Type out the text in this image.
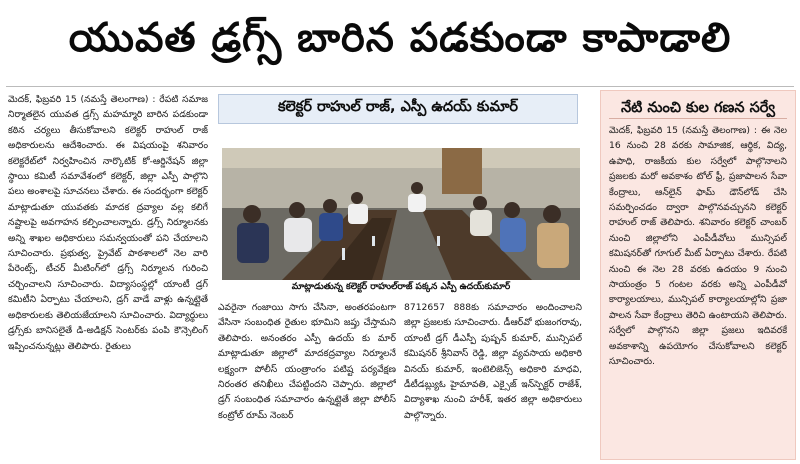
యువత డ్రగ్స్ బారిన పడకుండా కాపాడాలి

మెదక్, ఫిబ్రవరి 15 (నమస్తే తెలంగాణ) : రేపటి సమాజ నిర్మాతలైన యువత డ్రగ్స్ మహమ్మారి బారిన పడకుండా కఠిన చర్యలు తీసుకోవాలని కలెక్టర్ రాహుల్ రాజ్ అధికారులను ఆదేశించారు. ఈ విషయంపై శనివారం కలెక్టరేట్‌లో నిర్వహించిన నార్కొటిక్ కో-ఆర్డినేషన్ జిల్లా స్థాయి కమిటీ సమావేశంలో కలెక్టర్, జిల్లా ఎస్పీ పాల్గొని పలు అంశాలపై సూచనలు చేశారు. ఈ సందర్భంగా కలెక్టర్ మాట్లాడుతూ యువతకు మాదక ద్రవ్యాల వల్ల కలిగే నష్టాలపై అవగాహన కల్పించాలన్నారు. డ్రగ్స్ నిర్మూలనకు అన్ని శాఖల అధికారులు సమన్వయంతో పని చేయాలని సూచించారు. ప్రభుత్వ, ప్రైవేట్ పాఠశాలలో నెల వారి పేరెంట్స్, టీచర్ మీటింగ్‌లో డ్రగ్స్ నిర్మూలన గురించి చర్చించాలని సూచించారు. విద్యాసంస్థల్లో యాంటీ డ్రగ్ కమిటీని ఏర్పాటు చేయాలని, డ్రగ్ వాడే వాళ్లు ఉన్నట్లైతే అధికారులకు తెలియజేయాలని సూచించారు. విద్యార్థులు డ్రగ్స్‌కు బానిసలైతే డి-అడిక్షన్ సెంటర్‌కు పంపి కౌన్సెలింగ్ ఇప్పించనున్నట్లు తెలిపారు. రైతులు

కలెక్టర్ రాహుల్ రాజ్, ఎస్పీ ఉదయ్ కుమార్
మాట్లాడుతున్న కలెక్టర్ రాహుల్‌రాజ్ పక్కన ఎస్పీ ఉదయ్‌కుమార్

ఎవరైనా గంజాయి సాగు చేసినా, అంతరపంటగా వేసినా సంబంధిత రైతుల భూమిని జప్తు చేస్తామని తెలిపారు. అనంతరం ఎస్పీ ఉదయ్ కు మార్ మాట్లాడుతూ జిల్లాలో మాదకద్రవ్యాల నిర్మూలనే లక్ష్యంగా పోలీస్ యంత్రాంగం పటిష్ట పర్యవేక్షణ నిరంతర తనిఖీలు చేపట్టిందని చెప్పారు. జిల్లాలో డ్రగ్ సంబంధిత సమాచారం ఉన్నట్లైతే జిల్లా పోలీస్ కంట్రోల్ రూమ్ నెంబర్

8712657 888కు సమాచారం అందించాలని జిల్లా ప్రజలకు సూచించారు. డీఆర్‌వో భుజంగరావు, యాంటీ డ్రగ్ డీఎస్పీ పుష్పన్ కుమార్, మున్సిపల్ కమిషనర్ శ్రీనివాస్ రెడ్డి, జిల్లా వ్యవసాయ అధికారి వినయ్ కుమార్, ఇంటెలిజెన్స్ అధికారి మాధవి, డీటీడబ్ల్యుఓ హైమావతి, ఎక్సైజ్ ఇన్‌స్పెక్టర్ రాజేశ్, విద్యాశాఖ నుంచి హరీశ్, ఇతర జిల్లా అధికారులు పాల్గొన్నారు.

నేటి నుంచి కుల గణన సర్వే
మెదక్, ఫిబ్రవరి 15 (నమస్తే తెలంగాణ) : ఈ నెల 16 నుంచి 28 వరకు సామాజిక, ఆర్థిక, విద్య, ఉపాధి, రాజకీయ కుల సర్వేలో పాల్గొనాలని ప్రజలకు మరో అవకాశం టోల్ ఫ్రీ, ప్రజాపాలన సేవా కేంద్రాలు, ఆన్‌లైన్ ఫామ్ డౌన్‌లోడ్ చేసి సమర్పించడం ద్వారా పాల్గొనవచ్చునని కలెక్టర్ రాహుల్ రాజ్ తెలిపారు. శనివారం కలెక్టర్ చాంబర్ నుంచి జిల్లాలోని ఎంపీడీవోలు మున్సిపల్ కమిషనర్‌తో గూగుల్ మీట్ ఏర్పాటు చేశారు. రేపటి నుంచి ఈ నెల 28 వరకు ఉదయం 9 నుంచి సాయంత్రం 5 గంటల వరకు అన్ని ఎంపీడీవో కార్యాలయాలు, మున్సిపల్ కార్యాలయాల్లోని ప్రజా పాలన సేవా కేంద్రాలు తెరిచి ఉంటాయని తెలిపారు. సర్వేలో పాల్గొనని జిల్లా ప్రజలు ఇదివరకే అవకాశాన్ని ఉపయోగం చేసుకోవాలని కలెక్టర్ సూచించారు.
